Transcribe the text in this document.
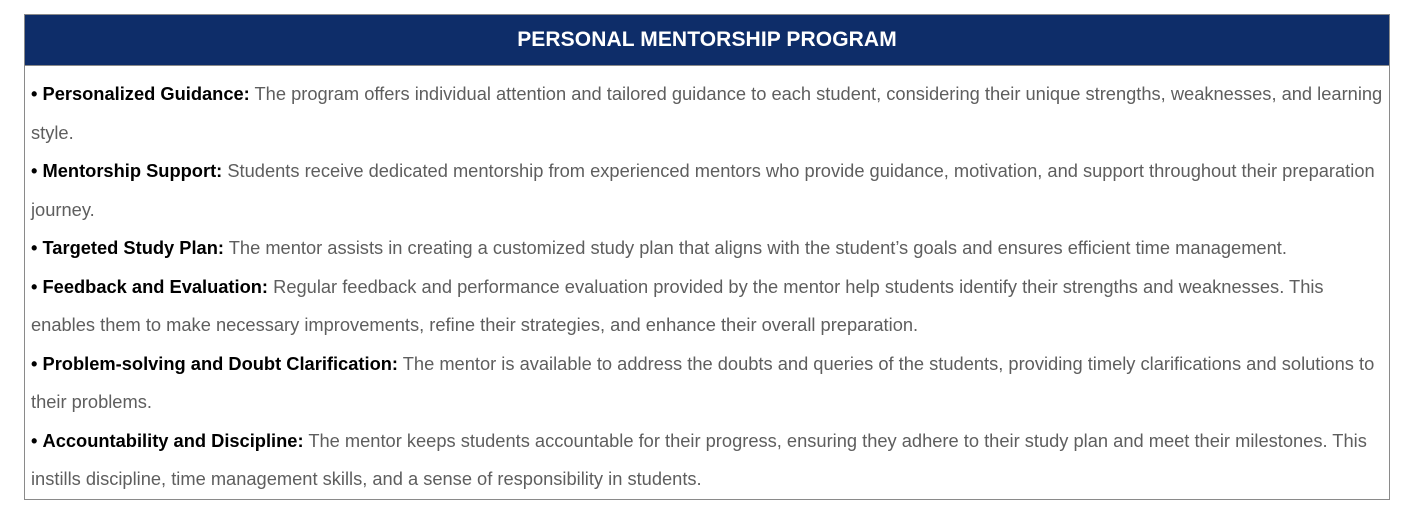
PERSONAL MENTORSHIP PROGRAM
• Personalized Guidance: The program offers individual attention and tailored guidance to each student, considering their unique strengths, weaknesses, and learning style.
• Mentorship Support: Students receive dedicated mentorship from experienced mentors who provide guidance, motivation, and support throughout their preparation journey.
• Targeted Study Plan: The mentor assists in creating a customized study plan that aligns with the student’s goals and ensures efficient time management.
• Feedback and Evaluation: Regular feedback and performance evaluation provided by the mentor help students identify their strengths and weaknesses. This enables them to make necessary improvements, refine their strategies, and enhance their overall preparation.
• Problem-solving and Doubt Clarification: The mentor is available to address the doubts and queries of the students, providing timely clarifications and solutions to their problems.
• Accountability and Discipline: The mentor keeps students accountable for their progress, ensuring they adhere to their study plan and meet their milestones. This instills discipline, time management skills, and a sense of responsibility in students.
